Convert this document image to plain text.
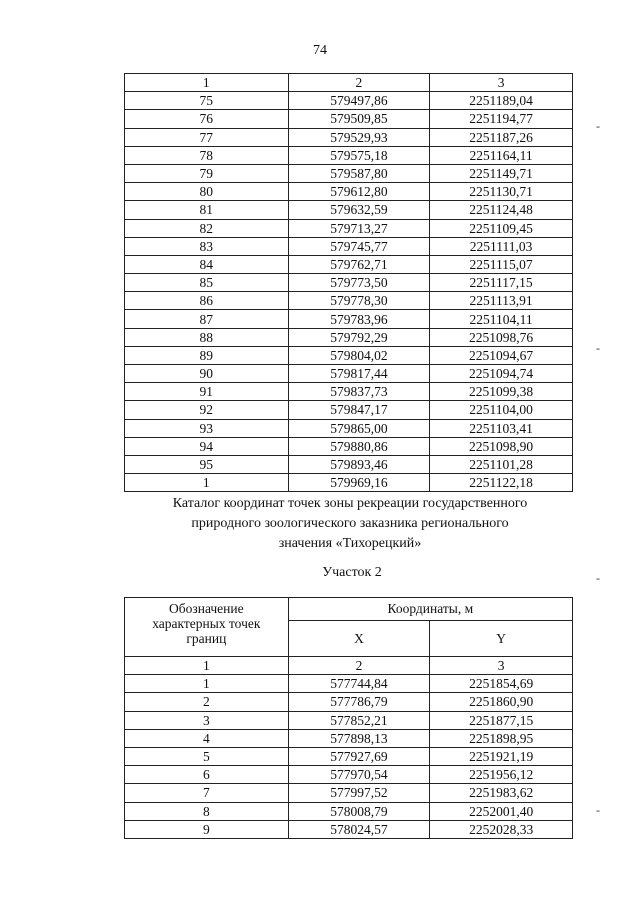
74
1	2	3
75	579497,86	2251189,04
76	579509,85	2251194,77
77	579529,93	2251187,26
78	579575,18	2251164,11
79	579587,80	2251149,71
80	579612,80	2251130,71
81	579632,59	2251124,48
82	579713,27	2251109,45
83	579745,77	2251111,03
84	579762,71	2251115,07
85	579773,50	2251117,15
86	579778,30	2251113,91
87	579783,96	2251104,11
88	579792,29	2251098,76
89	579804,02	2251094,67
90	579817,44	2251094,74
91	579837,73	2251099,38
92	579847,17	2251104,00
93	579865,00	2251103,41
94	579880,86	2251098,90
95	579893,46	2251101,28
1	579969,16	2251122,18
Каталог координат точек зоны рекреации государственного
природного зоологического заказника регионального
значения «Тихорецкий»
Участок 2
Обозначение
характерных точек
границ	Координаты, м	
	X	Y
1	2	3
1	577744,84	2251854,69
2	577786,79	2251860,90
3	577852,21	2251877,15
4	577898,13	2251898,95
5	577927,69	2251921,19
6	577970,54	2251956,12
7	577997,52	2251983,62
8	578008,79	2252001,40
9	578024,57	2252028,33
-
-
-
-
